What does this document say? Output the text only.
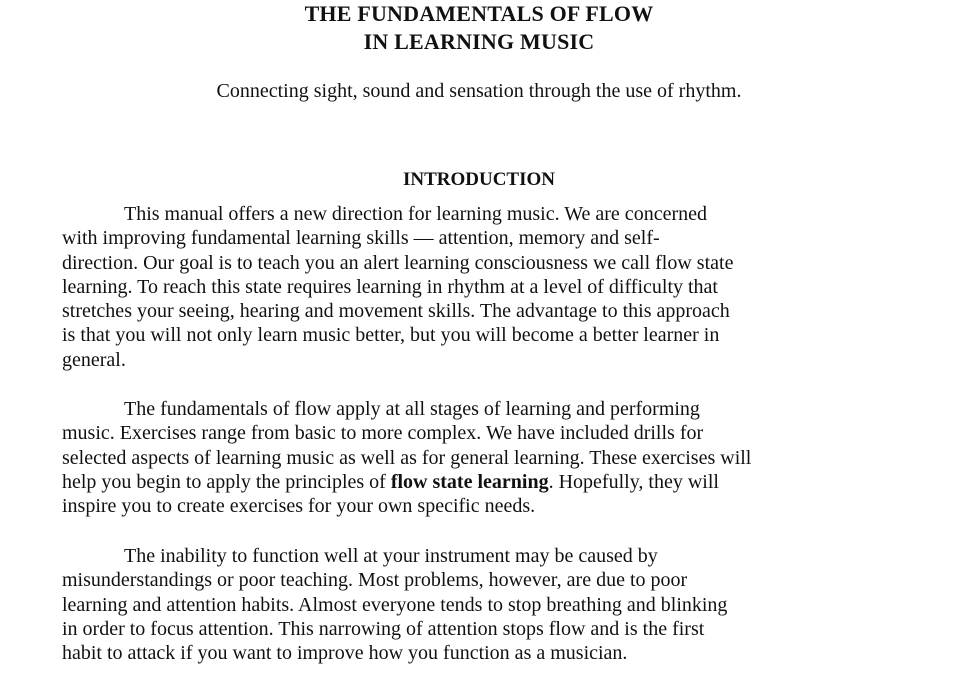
THE FUNDAMENTALS OF FLOW
IN LEARNING MUSIC
Connecting sight, sound and sensation through the use of rhythm.
INTRODUCTION
This manual offers a new direction for learning music. We are concerned
with improving fundamental learning skills — attention, memory and self-
direction. Our goal is to teach you an alert learning consciousness we call flow state
learning. To reach this state requires learning in rhythm at a level of difficulty that
stretches your seeing, hearing and movement skills. The advantage to this approach
is that you will not only learn music better, but you will become a better learner in
general.
The fundamentals of flow apply at all stages of learning and performing
music. Exercises range from basic to more complex. We have included drills for
selected aspects of learning music as well as for general learning. These exercises will
help you begin to apply the principles of flow state learning. Hopefully, they will
inspire you to create exercises for your own specific needs.
The inability to function well at your instrument may be caused by
misunderstandings or poor teaching. Most problems, however, are due to poor
learning and attention habits. Almost everyone tends to stop breathing and blinking
in order to focus attention. This narrowing of attention stops flow and is the first
habit to attack if you want to improve how you function as a musician.
